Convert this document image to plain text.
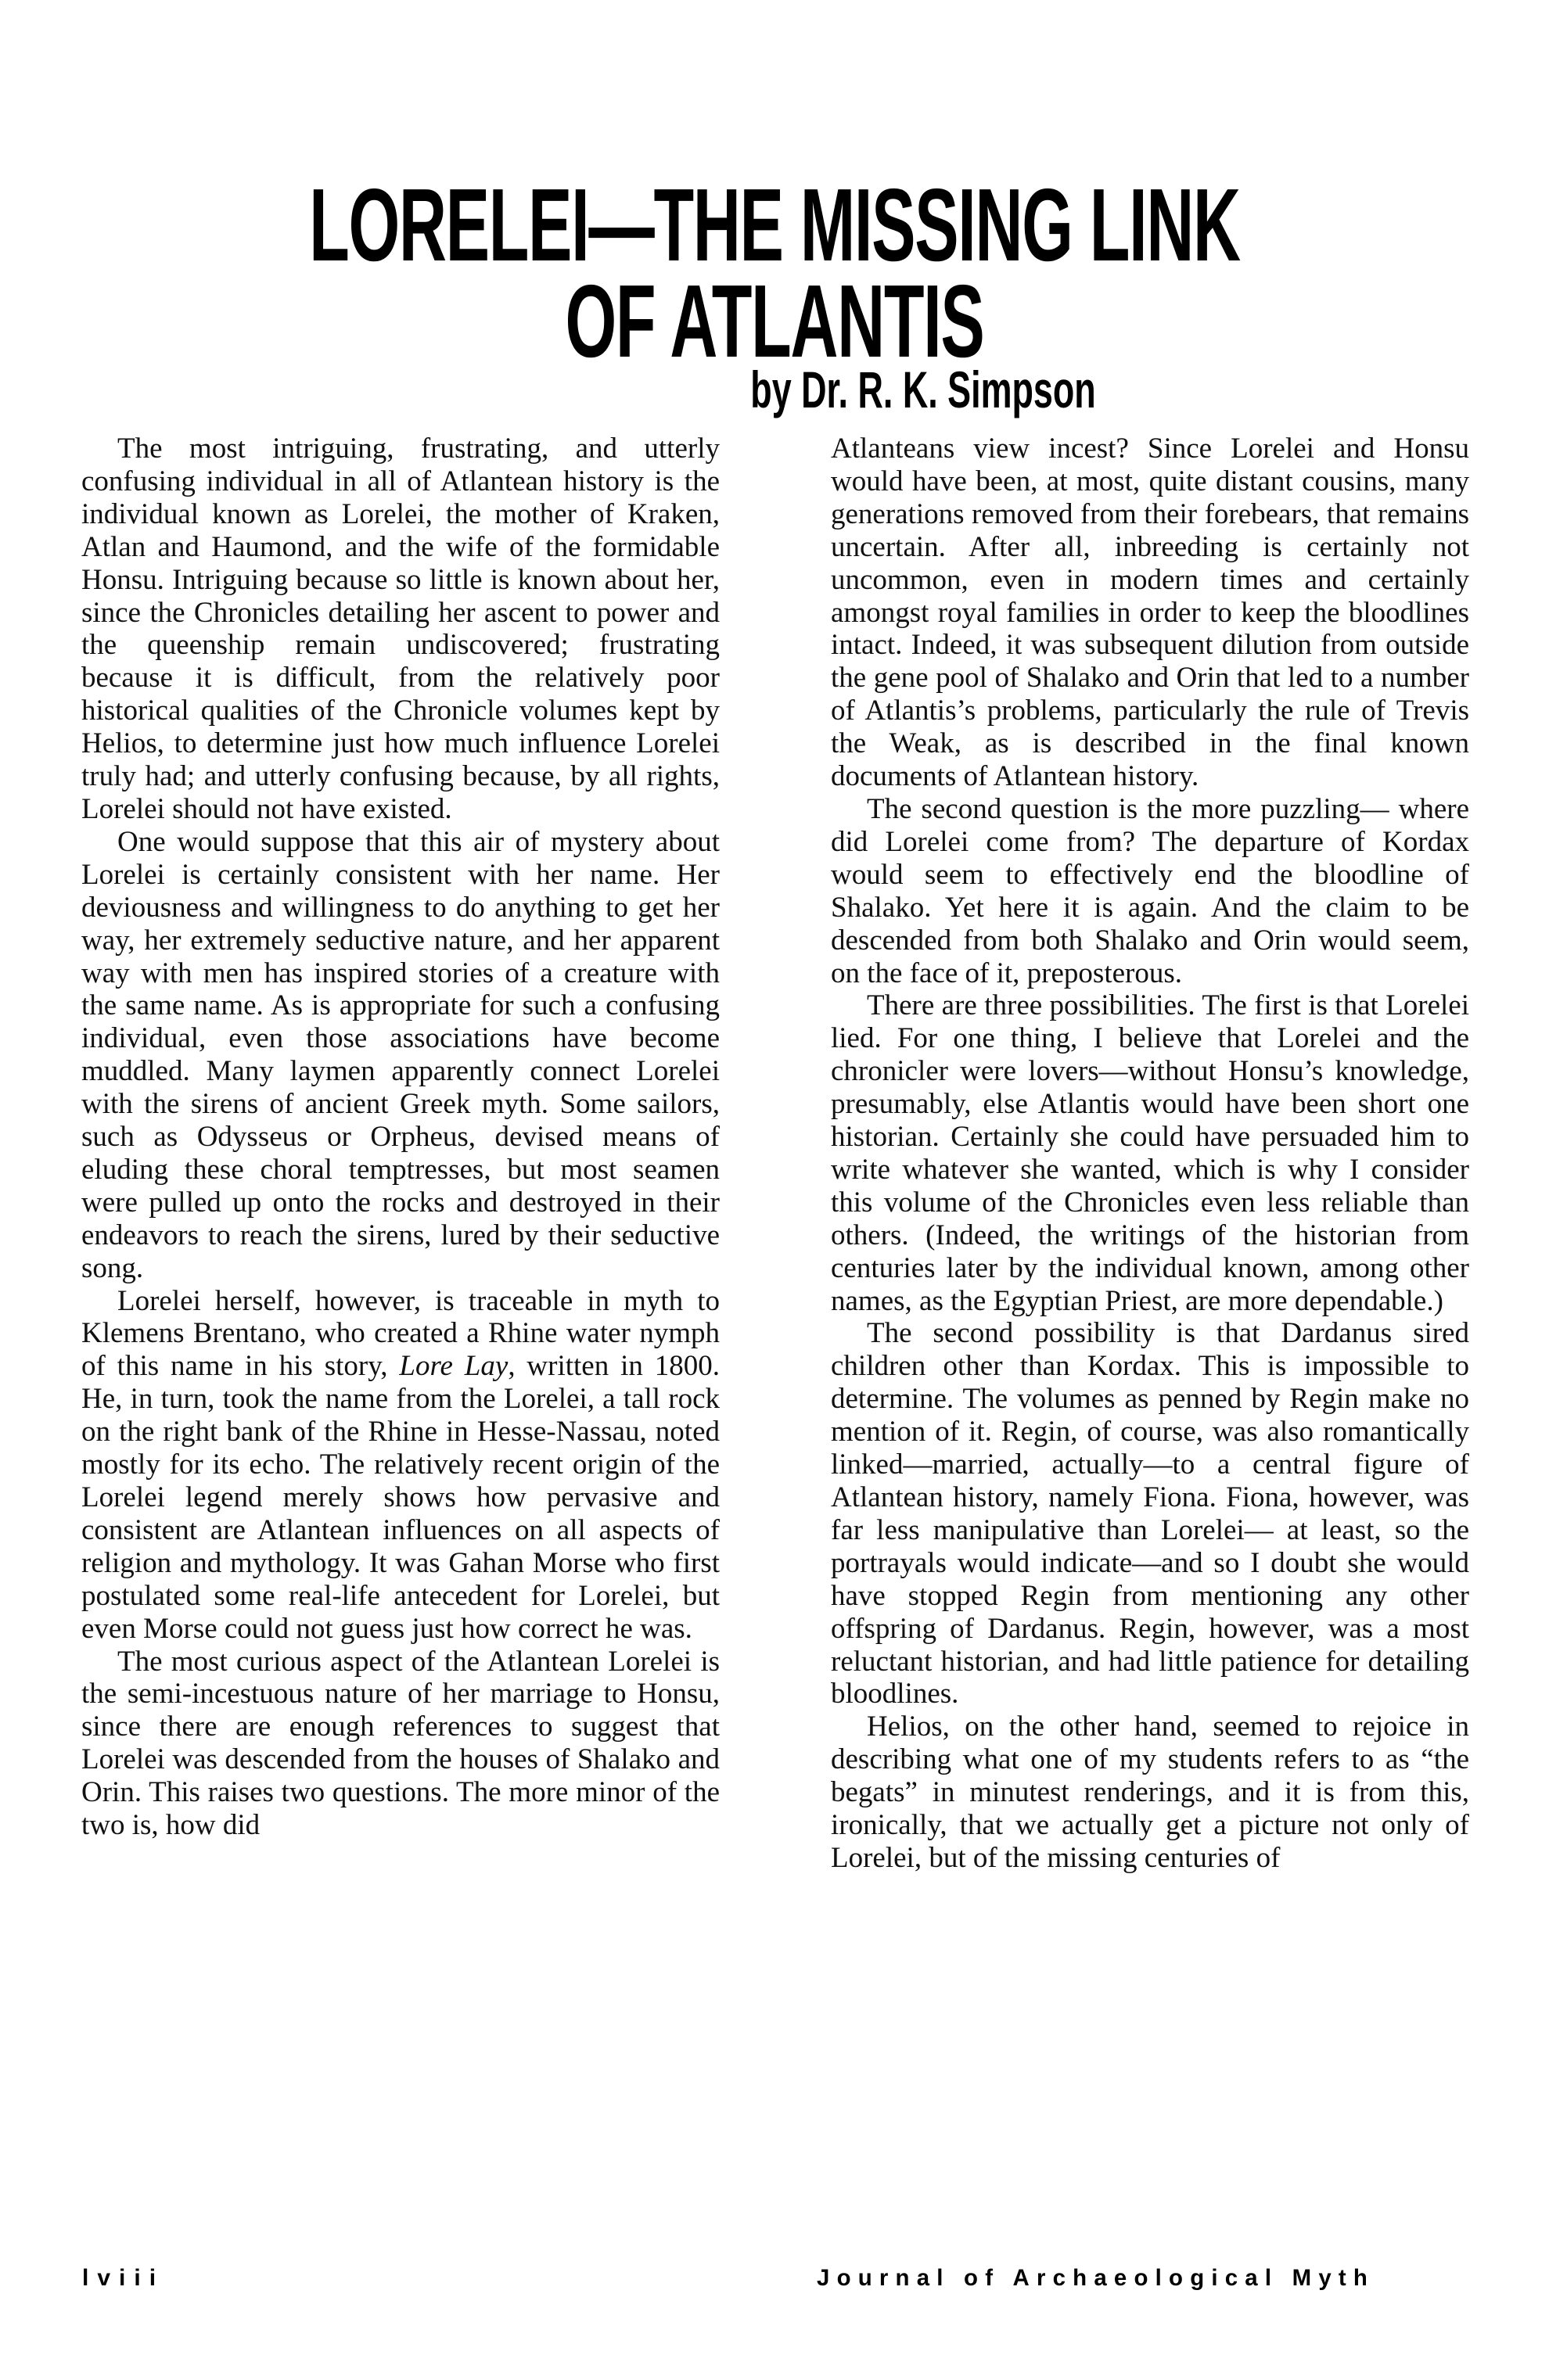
LORELEI—THE MISSING LINK
OF ATLANTIS
by Dr. R. K. Simpson

The most intriguing, frustrating, and utterly confusing individual in all of Atlantean history is the individual known as Lorelei, the mother of Kraken, Atlan and Haumond, and the wife of the formidable Honsu. Intriguing because so little is known about her, since the Chronicles detailing her ascent to power and the queenship remain undiscovered; frustrating because it is difficult, from the relatively poor historical qualities of the Chronicle volumes kept by Helios, to determine just how much influence Lorelei truly had; and utterly confusing because, by all rights, Lorelei should not have existed.

One would suppose that this air of mystery about Lorelei is certainly consistent with her name. Her deviousness and willingness to do anything to get her way, her extremely seductive nature, and her apparent way with men has inspired stories of a creature with the same name. As is appropriate for such a confusing individual, even those associations have become muddled. Many laymen apparently connect Lorelei with the sirens of ancient Greek myth. Some sailors, such as Odysseus or Orpheus, devised means of eluding these choral temptresses, but most seamen were pulled up onto the rocks and destroyed in their endeavors to reach the sirens, lured by their seductive song.

Lorelei herself, however, is traceable in myth to Klemens Brentano, who created a Rhine water nymph of this name in his story, Lore Lay, written in 1800. He, in turn, took the name from the Lorelei, a tall rock on the right bank of the Rhine in Hesse-Nassau, noted mostly for its echo. The relatively recent origin of the Lorelei legend merely shows how pervasive and consistent are Atlantean influences on all aspects of religion and mythology. It was Gahan Morse who first postulated some real-life antecedent for Lorelei, but even Morse could not guess just how correct he was.

The most curious aspect of the Atlantean Lorelei is the semi-incestuous nature of her marriage to Honsu, since there are enough references to suggest that Lorelei was descended from the houses of Shalako and Orin. This raises two questions. The more minor of the two is, how did

Atlanteans view incest? Since Lorelei and Honsu would have been, at most, quite distant cousins, many generations removed from their forebears, that remains uncertain. After all, inbreeding is certainly not uncommon, even in modern times and certainly amongst royal families in order to keep the bloodlines intact. Indeed, it was subsequent dilution from outside the gene pool of Shalako and Orin that led to a number of Atlantis’s problems, particularly the rule of Trevis the Weak, as is described in the final known documents of Atlantean history.

The second question is the more puzzling— where did Lorelei come from? The departure of Kordax would seem to effectively end the bloodline of Shalako. Yet here it is again. And the claim to be descended from both Shalako and Orin would seem, on the face of it, preposterous.

There are three possibilities. The first is that Lorelei lied. For one thing, I believe that Lorelei and the chronicler were lovers—without Honsu’s knowledge, presumably, else Atlantis would have been short one historian. Certainly she could have persuaded him to write whatever she wanted, which is why I consider this volume of the Chronicles even less reliable than others. (Indeed, the writings of the historian from centuries later by the individual known, among other names, as the Egyptian Priest, are more dependable.)

The second possibility is that Dardanus sired children other than Kordax. This is impossible to determine. The volumes as penned by Regin make no mention of it. Regin, of course, was also romantically linked—married, actually—to a central figure of Atlantean history, namely Fiona. Fiona, however, was far less manipulative than Lorelei— at least, so the portrayals would indicate—and so I doubt she would have stopped Regin from mentioning any other offspring of Dardanus. Regin, however, was a most reluctant historian, and had little patience for detailing bloodlines.

Helios, on the other hand, seemed to rejoice in describing what one of my students refers to as “the begats” in minutest renderings, and it is from this, ironically, that we actually get a picture not only of Lorelei, but of the missing centuries of

lviii	Journal of Archaeological Myth
